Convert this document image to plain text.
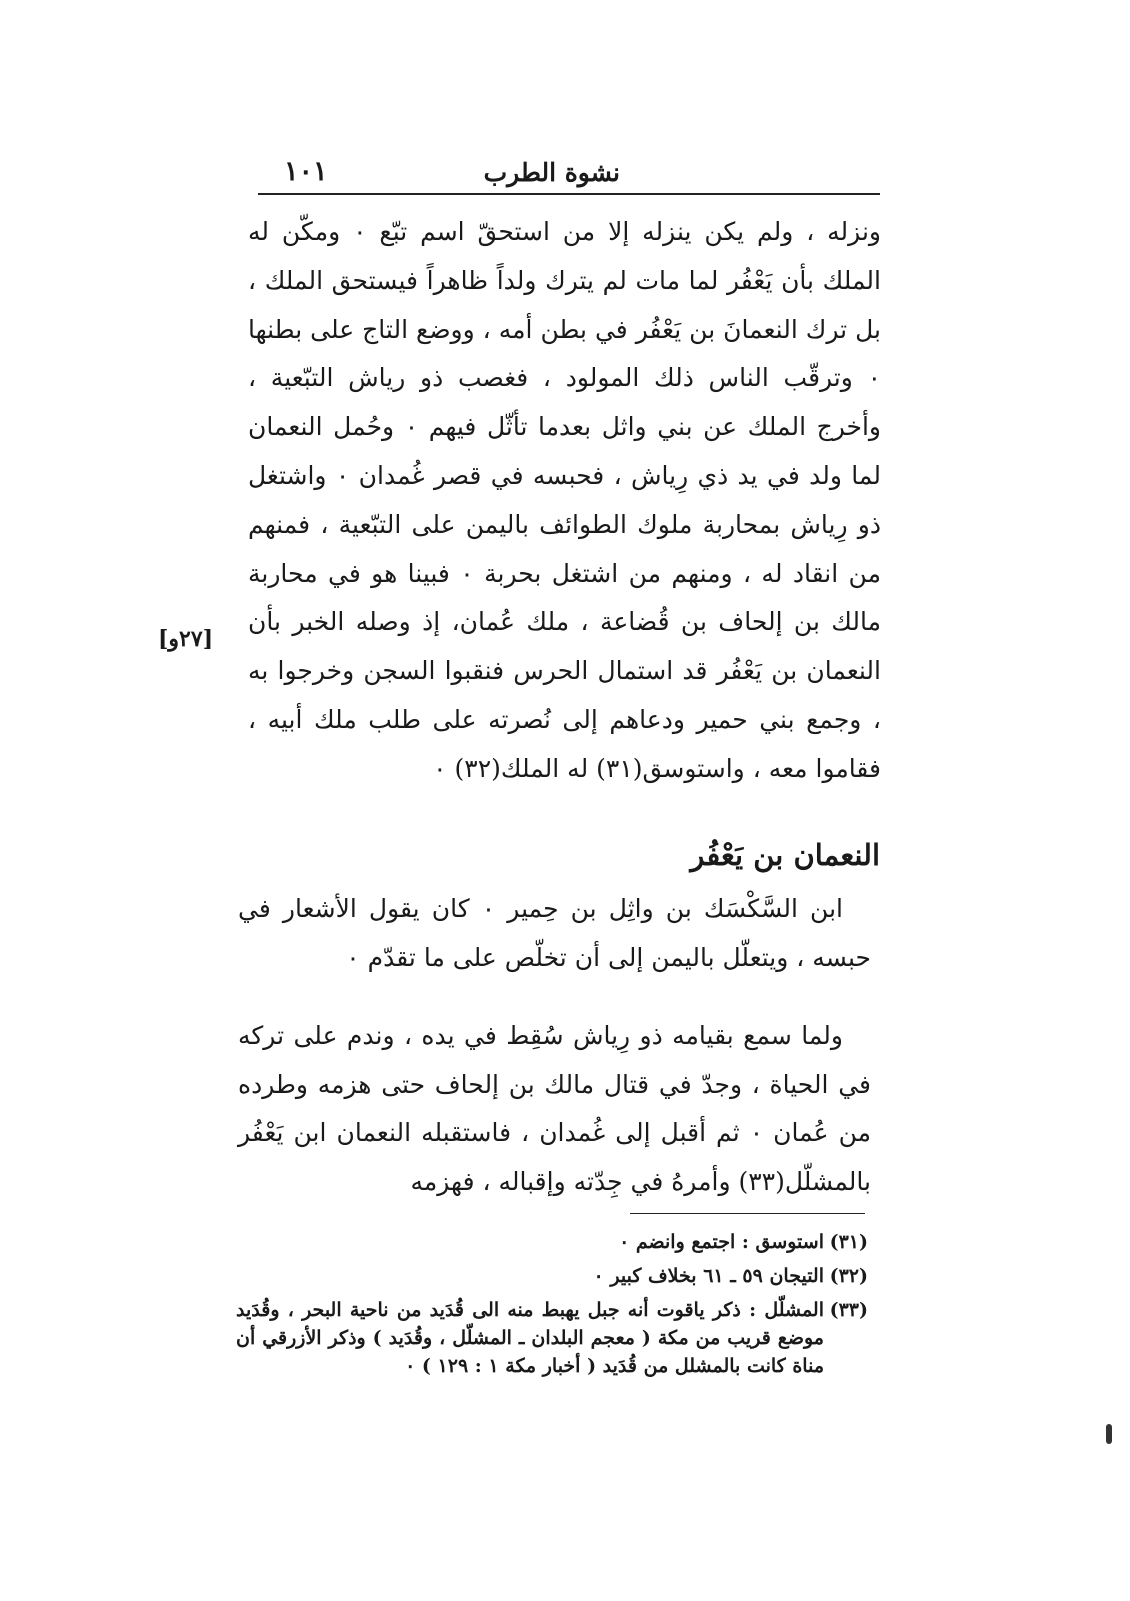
نشوة الطرب
١٠١

ونزله ، ولم يكن ينزله إلا من استحقّ اسم تبّع ٠ ومكّن له الملك بأن يَعْفُر لما مات لم يترك ولداً ظاهراً فيستحق الملك ، بل ترك النعمانَ بن يَعْفُر في بطن أمه ، ووضع التاج على بطنها ٠ وترقّب الناس ذلك المولود ، فغصب ذو رياش التبّعية ، وأخرج الملك عن بني واثل بعدما تأثّل فيهم ٠ وحُمل النعمان لما ولد في يد ذي رِياش ، فحبسه في قصر غُمدان ٠ واشتغل ذو رِياش بمحاربة ملوك الطوائف باليمن على التبّعية ، فمنهم من انقاد له ، ومنهم من اشتغل بحربة ٠ فبينا هو في محاربة مالك بن إلحاف بن قُضاعة ، ملك عُمان، إذ وصله الخبر بأن النعمان بن يَعْفُر قد استمال الحرس فنقبوا السجن وخرجوا به ، وجمع بني حمير ودعاهم إلى نُصرته على طلب ملك أبيه ، فقاموا معه ، واستوسق(٣١) له الملك(٣٢) ٠

[٢٧و]
النعمان بن يَعْفُر

ابن السَّكْسَك بن واثِل بن حِمير ٠ كان يقول الأشعار في حبسه ، ويتعلّل باليمن إلى أن تخلّص على ما تقدّم ٠

ولما سمع بقيامه ذو رِياش سُقِط في يده ، وندم على تركه في الحياة ، وجدّ في قتال مالك بن إلحاف حتى هزمه وطرده من عُمان ٠ ثم أقبل إلى غُمدان ، فاستقبله النعمان ابن يَعْفُر بالمشلّل(٣٣) وأمرهُ في جِدّته وإقباله ، فهزمه

(٣١)
استوسق : اجتمع وانضم ٠
(٣٢)
التيجان ٥٩ ـ ٦١ بخلاف كبير ٠
(٣٣)
المشلّل : ذكر ياقوت أنه جبل يهبط منه الى قُدَيد من ناحية البحر ، وقُدَيد موضع قريب من مكة ( معجم البلدان ـ المشلّل ، وقُدَيد ) وذكر الأزرقي أن مناة كانت بالمشلل من قُدَيد ( أخبار مكة ١ : ١٢٩ ) ٠
